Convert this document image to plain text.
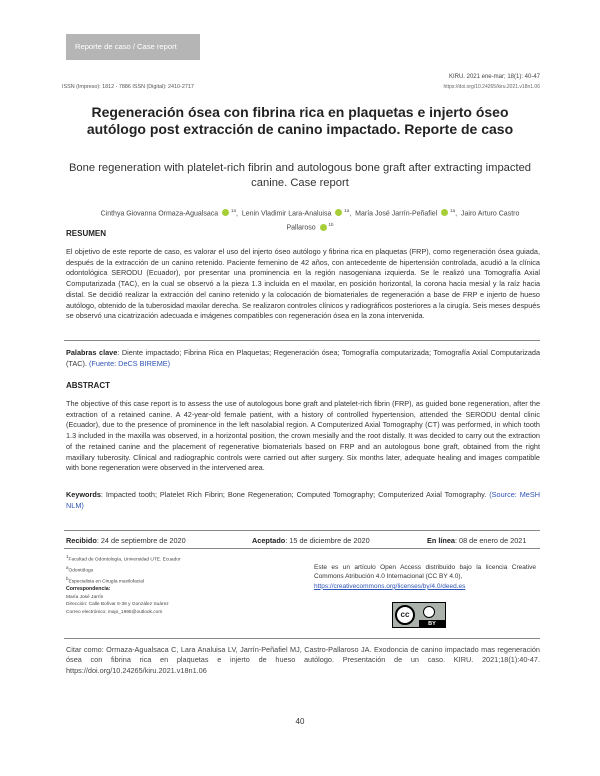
Reporte de caso / Case report
ISSN (Impreso): 1812 - 7886 ISSN (Digital): 2410-2717
KIRU. 2021 ene-mar; 18(1): 40-47
https://doi.org/10.24265/kiru.2021.v18n1.06
Regeneración ósea con fibrina rica en plaquetas e injerto óseo autólogo post extracción de canino impactado. Reporte de caso
Bone regeneration with platelet-rich fibrin and autologous bone graft after extracting impacted canine. Case report
Cinthya Giovanna Ormaza-Agualsaca	$^{1a}$,  Lenin Vladimir Lara-Analuisa	$^{1a}$,  María José Jarrín-Peñafiel	$^{1a}$,  Jairo Arturo Castro Pallaroso	$^{1b}$
RESUMEN
El objetivo de este reporte de caso, es valorar el uso del injerto óseo autólogo y fibrina rica en plaquetas (FRP), como regeneración ósea guiada, después de la extracción de un canino retenido. Paciente femenino de 42 años, con antecedente de hipertensión controlada, acudió a la clínica odontológica SERODU (Ecuador), por presentar una prominencia en la región nasogeniana izquierda. Se le realizó una Tomografía Axial Computarizada (TAC), en la cual se observó a la pieza 1.3 incluida en el maxilar, en posición horizontal, la corona hacia mesial y la raíz hacia distal. Se decidió realizar la extracción del canino retenido y la colocación de biomateriales de regeneración a base de FRP e injerto de hueso autólogo, obtenido de la tuberosidad maxilar derecha. Se realizaron controles clínicos y radiográficos posteriores a la cirugía. Seis meses después se observó una cicatrización adecuada e imágenes compatibles con regeneración ósea en la zona intervenida.
Palabras clave: Diente impactado; Fibrina Rica en Plaquetas; Regeneración ósea; Tomografía computarizada; Tomografía Axial Computarizada (TAC). (Fuente: DeCS BIREME)
ABSTRACT
The objective of this case report is to assess the use of autologous bone graft and platelet-rich fibrin (FRP), as guided bone regeneration, after the extraction of a retained canine. A 42-year-old female patient, with a history of controlled hypertension, attended the SERODU dental clinic (Ecuador), due to the presence of prominence in the left nasolabial region. A Computerized Axial Tomography (CT) was performed, in which tooth 1.3 included in the maxilla was observed, in a horizontal position, the crown mesially and the root distally. It was decided to carry out the extraction of the retained canine and the placement of regenerative biomaterials based on FRP and an autologous bone graft, obtained from the right maxillary tuberosity. Clinical and radiographic controls were carried out after surgery. Six months later, adequate healing and images compatible with bone regeneration were observed in the intervened area.
Keywords: Impacted tooth; Platelet Rich Fibrin; Bone Regeneration; Computed Tomography; Computerized Axial Tomography. (Source: MeSH NLM)
Recibido: 24 de septiembre de 2020	Aceptado: 15 de diciembre de 2020	En línea: 08 de enero de 2021
1Facultad de Odontología, Universidad UTE. Ecuador
aOdontólogo
bEspecialista en Cirugía maxilofacial
Correspondencia:
María José Jarrín
Dirección: Calle Bolívar 6-38 y González Suárez
Correo electrónico: majo_1995@outlook.com
Este es un artículo Open Access distribuido bajo la licencia Creative Commons Atribución 4.0 Internacional (CC BY 4.0),
https://creativecommons.org/licenses/by/4.0/deed.es
cc
BY
Citar como: Ormaza-Agualsaca C, Lara Analuisa LV, Jarrín-Peñafiel MJ, Castro-Pallaroso JA. Exodoncia de canino impactado mas regeneración ósea con fibrina rica en plaquetas e injerto de hueso autólogo. Presentación de un caso. KIRU. 2021;18(1):40-47. https://doi.org/10.24265/kiru.2021.v18n1.06
40
